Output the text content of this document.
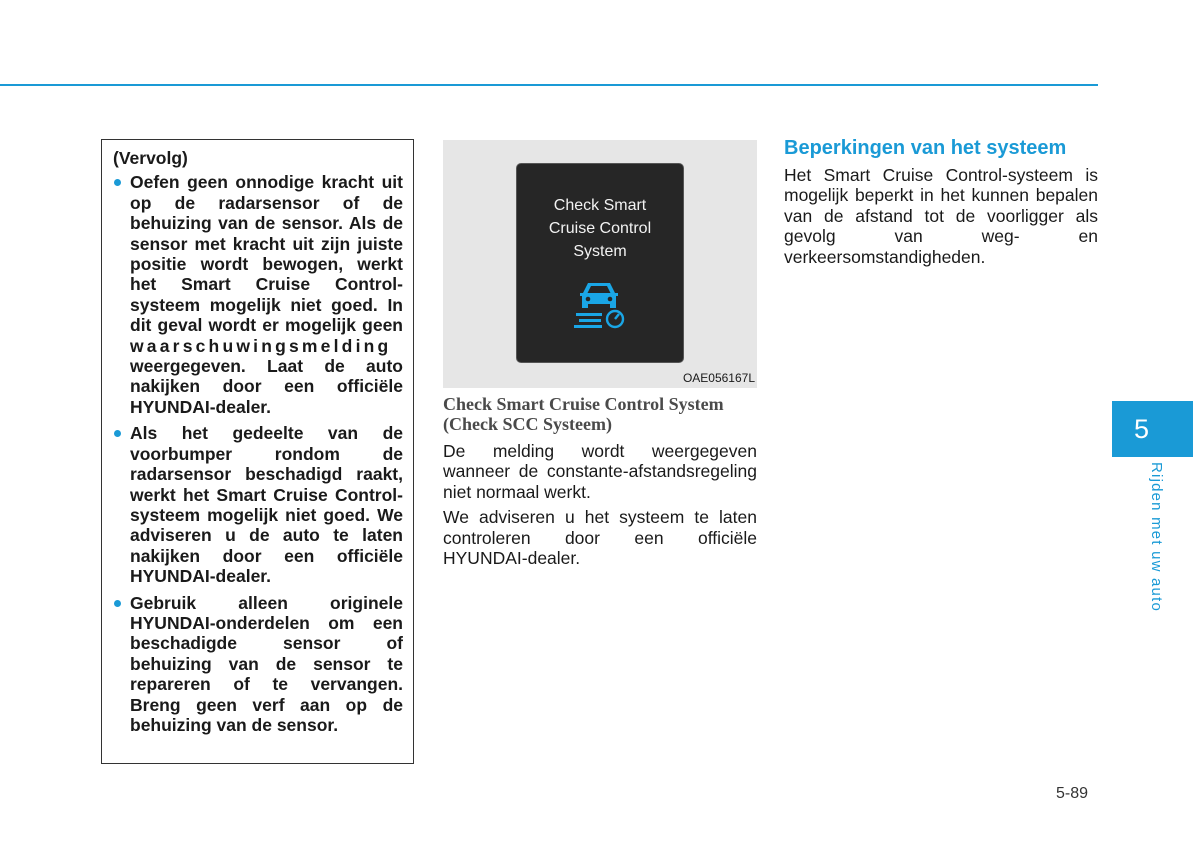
(Vervolg)
Oefen geen onnodige kracht uit op de radarsensor of de behuizing van de sensor. Als de sensor met kracht uit zijn juiste positie wordt bewogen, werkt het Smart Cruise Control-systeem mogelijk niet goed. In dit geval wordt er mogelijk geen waarschuwingsmelding weergegeven. Laat de auto nakijken door een officiële HYUNDAI-dealer.
Als het gedeelte van de voorbumper rondom de radarsensor beschadigd raakt, werkt het Smart Cruise Control-systeem mogelijk niet goed. We adviseren u de auto te laten nakijken door een officiële HYUNDAI-dealer.
Gebruik alleen originele HYUNDAI-onderdelen om een beschadigde sensor of behuizing van de sensor te repareren of te vervangen. Breng geen verf aan op de behuizing van de sensor.
Check Smart
Cruise Control
System
OAE056167L
Check Smart Cruise Control System
(Check SCC Systeem)

De melding wordt weergegeven wanneer de constante-afstandsregeling niet normaal werkt.

We adviseren u het systeem te laten controleren door een officiële HYUNDAI-dealer.

Beperkingen van het systeem

Het Smart Cruise Control-systeem is mogelijk beperkt in het kunnen bepalen van de afstand tot de voorligger als gevolg van weg- en verkeersomstandigheden.

5
Rijden met uw auto
5-89
